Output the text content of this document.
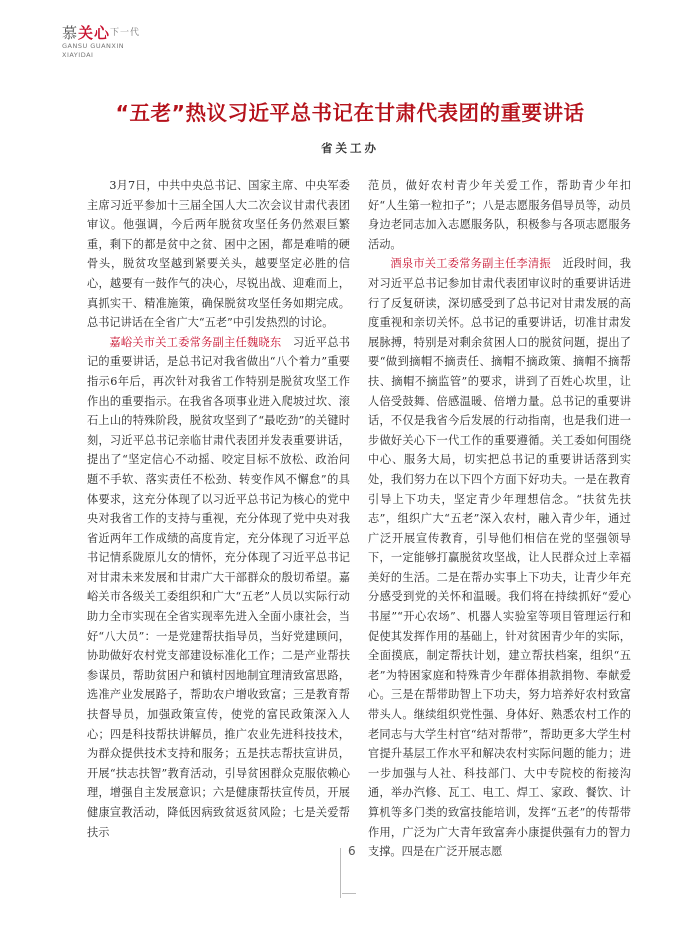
慕关心$^{下一代}$
GANSU GUANXIN
XIAYIDAI
“五老”热议习近平总书记在甘肃代表团的重要讲话
省关工办

3月7日，中共中央总书记、国家主席、中央军委主席习近平参加十三届全国人大二次会议甘肃代表团审议。他强调，今后两年脱贫攻坚任务仍然艰巨繁重，剩下的都是贫中之贫、困中之困，都是难啃的硬骨头，脱贫攻坚越到紧要关头，越要坚定必胜的信心，越要有一鼓作气的决心，尽锐出战、迎难而上，真抓实干、精准施策，确保脱贫攻坚任务如期完成。总书记讲话在全省广大“五老”中引发热烈的讨论。

嘉峪关市关工委常务副主任魏晓东　习近平总书记的重要讲话，是总书记对我省做出“八个着力”重要指示6年后，再次针对我省工作特别是脱贫攻坚工作作出的重要指示。在我省各项事业进入爬坡过坎、滚石上山的特殊阶段，脱贫攻坚到了“最吃劲”的关键时刻，习近平总书记亲临甘肃代表团并发表重要讲话，提出了“坚定信心不动摇、咬定目标不放松、政治问题不手软、落实责任不松劲、转变作风不懈怠”的具体要求，这充分体现了以习近平总书记为核心的党中央对我省工作的支持与重视，充分体现了党中央对我省近两年工作成绩的高度肯定，充分体现了习近平总书记情系陇原儿女的情怀，充分体现了习近平总书记对甘肃未来发展和甘肃广大干部群众的殷切希望。嘉峪关市各级关工委组织和广大“五老”人员以实际行动助力全市实现在全省实现率先进入全面小康社会，当好“八大员”：一是党建帮扶指导员，当好党建顾问，协助做好农村党支部建设标准化工作；二是产业帮扶参谋员，帮助贫困户和镇村因地制宜理清致富思路，选准产业发展路子，帮助农户增收致富；三是教育帮扶督导员，加强政策宣传，使党的富民政策深入人心；四是科技帮扶讲解员，推广农业先进科技技术，为群众提供技术支持和服务；五是扶志帮扶宣讲员，开展“扶志扶智”教育活动，引导贫困群众克服依赖心理，增强自主发展意识；六是健康帮扶宣传员，开展健康宣教活动，降低因病致贫返贫风险；七是关爱帮扶示

范员，做好农村青少年关爱工作，帮助青少年扣好“人生第一粒扣子”；八是志愿服务倡导员等，动员身边老同志加入志愿服务队，积极参与各项志愿服务活动。

酒泉市关工委常务副主任李清振　近段时间，我对习近平总书记参加甘肃代表团审议时的重要讲话进行了反复研读，深切感受到了总书记对甘肃发展的高度重视和亲切关怀。总书记的重要讲话，切准甘肃发展脉搏，特别是对剩余贫困人口的脱贫问题，提出了要“做到摘帽不摘责任、摘帽不摘政策、摘帽不摘帮扶、摘帽不摘监管”的要求，讲到了百姓心坎里，让人倍受鼓舞、倍感温暖、倍增力量。总书记的重要讲话，不仅是我省今后发展的行动指南，也是我们进一步做好关心下一代工作的重要遵循。关工委如何围绕中心、服务大局，切实把总书记的重要讲话落到实处，我们努力在以下四个方面下好功夫。一是在教育引导上下功夫，坚定青少年理想信念。“扶贫先扶志”，组织广大“五老”深入农村，融入青少年，通过广泛开展宣传教育，引导他们相信在党的坚强领导下，一定能够打赢脱贫攻坚战，让人民群众过上幸福美好的生活。二是在帮办实事上下功夫，让青少年充分感受到党的关怀和温暖。我们将在持续抓好“爱心书屋”“开心农场”、机器人实验室等项目管理运行和促使其发挥作用的基础上，针对贫困青少年的实际，全面摸底，制定帮扶计划，建立帮扶档案，组织“五老”为特困家庭和特殊青少年群体捐款捐物、奉献爱心。三是在帮带助智上下功夫，努力培养好农村致富带头人。继续组织党性强、身体好、熟悉农村工作的老同志与大学生村官“结对帮带”，帮助更多大学生村官提升基层工作水平和解决农村实际问题的能力；进一步加强与人社、科技部门、大中专院校的衔接沟通，举办汽修、瓦工、电工、焊工、家政、餐饮、计算机等多门类的致富技能培训，发挥“五老”的传帮带作用，广泛为广大青年致富奔小康提供强有力的智力支撑。四是在广泛开展志愿

6
